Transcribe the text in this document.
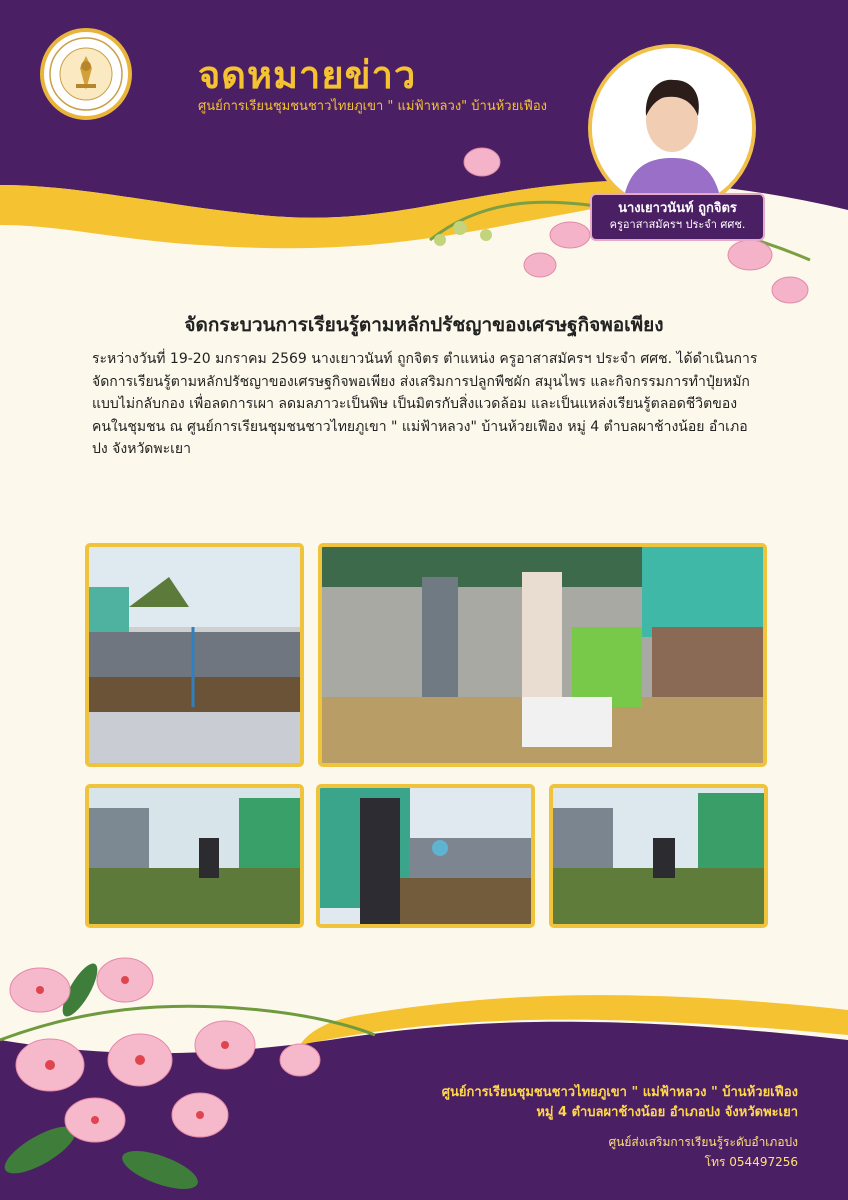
จดหมายข่าว
ศูนย์การเรียนชุมชนชาวไทยภูเขา " แม่ฟ้าหลวง" บ้านห้วยเฟือง
นางเยาวนันท์ ถูกจิตร
ครูอาสาสมัครฯ ประจำ ศศช.
จัดกระบวนการเรียนรู้ตามหลักปรัชญาของเศรษฐกิจพอเพียง

ระหว่างวันที่ 19-20 มกราคม 2569 นางเยาวนันท์ ถูกจิตร ตำแหน่ง ครูอาสาสมัครฯ ประจำ ศศช. ได้ดำเนินการจัดการเรียนรู้ตามหลักปรัชญาของเศรษฐกิจพอเพียง ส่งเสริมการปลูกพืชผัก สมุนไพร และกิจกรรมการทำปุ๋ยหมักแบบไม่กลับกอง เพื่อลดการเผา ลดมลภาวะเป็นพิษ เป็นมิตรกับสิ่งแวดล้อม และเป็นแหล่งเรียนรู้ตลอดชีวิตของคนในชุมชน ณ ศูนย์การเรียนชุมชนชาวไทยภูเขา " แม่ฟ้าหลวง" บ้านห้วยเฟือง หมู่ 4 ตำบลผาช้างน้อย อำเภอปง จังหวัดพะเยา

ศูนย์การเรียนชุมชนชาวไทยภูเขา " แม่ฟ้าหลวง " บ้านห้วยเฟือง
หมู่ 4 ตำบลผาช้างน้อย อำเภอปง จังหวัดพะเยา
ศูนย์ส่งเสริมการเรียนรู้ระดับอำเภอปง
โทร 054497256
